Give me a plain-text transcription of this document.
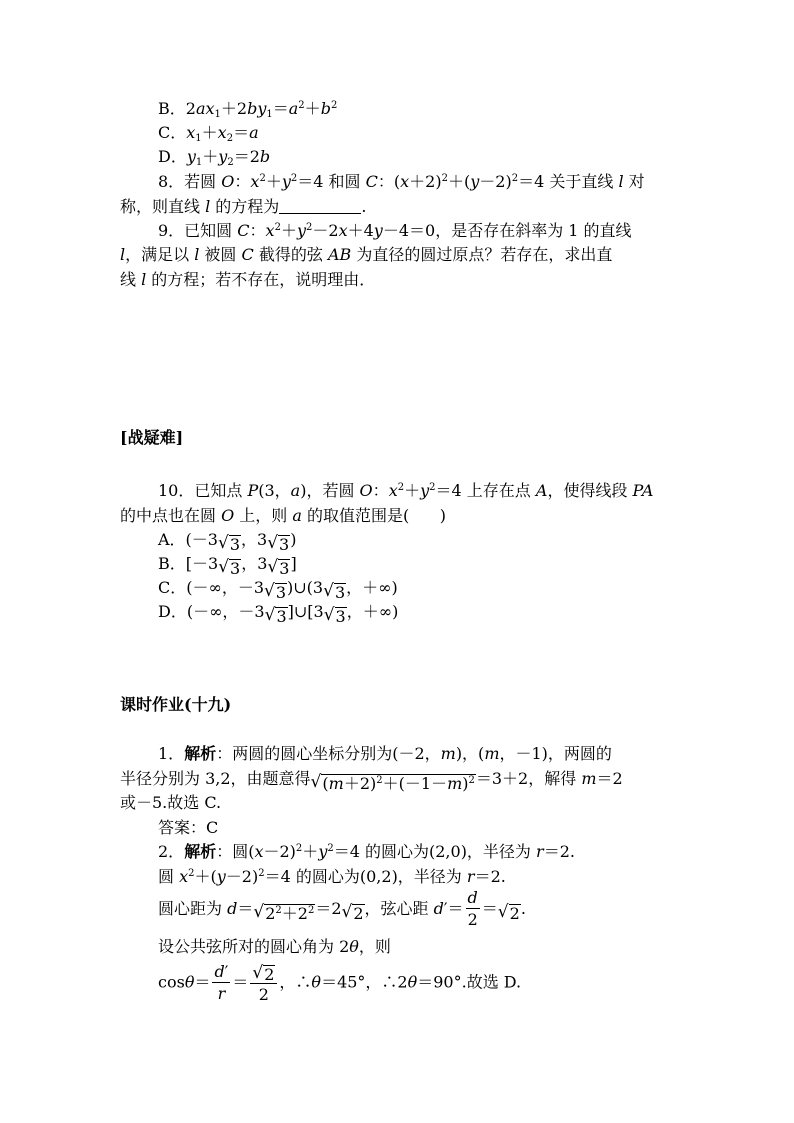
B．$2ax_1+2by_1=a^2+b^2$
C．$x_1+x_2=a$
D．$y_1+y_2=2b$
8．若圆 O：$x^2+y^2=4$ 和圆 C：$(x+2)^2+(y-2)^2=4$ 关于直线 l 对
称，则直线 l 的方程为	.
9．已知圆 C：$x^2+y^2-2x+4y-4=0$，是否存在斜率为 1 的直线
l，满足以 l 被圆 C 截得的弦 AB 为直径的圆过原点？若存在，求出直
线 l 的方程；若不存在，说明理由．
[战疑难]
10．已知点 P(3，a)，若圆 O：$x^2+y^2=4$ 上存在点 A，使得线段 PA
的中点也在圆 O 上，则 a 的取值范围是(      )
A．(－3 √ 3 ，3 √ 3 )
B．[－3 √ 3 ，3 √ 3 ]
C．(－∞，－3 √ 3 )∪(3 √ 3 ，＋∞)
D．(－∞，－3 √ 3 ]∪[3 √ 3 ，＋∞)
课时作业(十九)
1．解析：两圆的圆心坐标分别为(－2，m)，(m，－1)，两圆的
半径分别为 3,2，由题意得 √ $(m+2)^2+(-1-m)^2 =3+2$，解得 m＝2
或－5.故选 C.
答案：C
2．解析：圆$(x-2)^2+y^2=4$ 的圆心为(2,0)，半径为 r＝2.
圆 $x^2+(y-2)^2=4$ 的圆心为(0,2)，半径为 r＝2.
圆心距为 d＝ √ $2^2+2^2 =2$ √ 2 ，弦心距 $d'= \frac{d}{2}$ ＝ √ 2 .
设公共弦所对的圆心角为 2θ，则
$\cos\theta= \frac{d'}{r} = \frac{√ 2}{2}$ ，∴θ＝45°，∴2θ＝90°.故选 D.
